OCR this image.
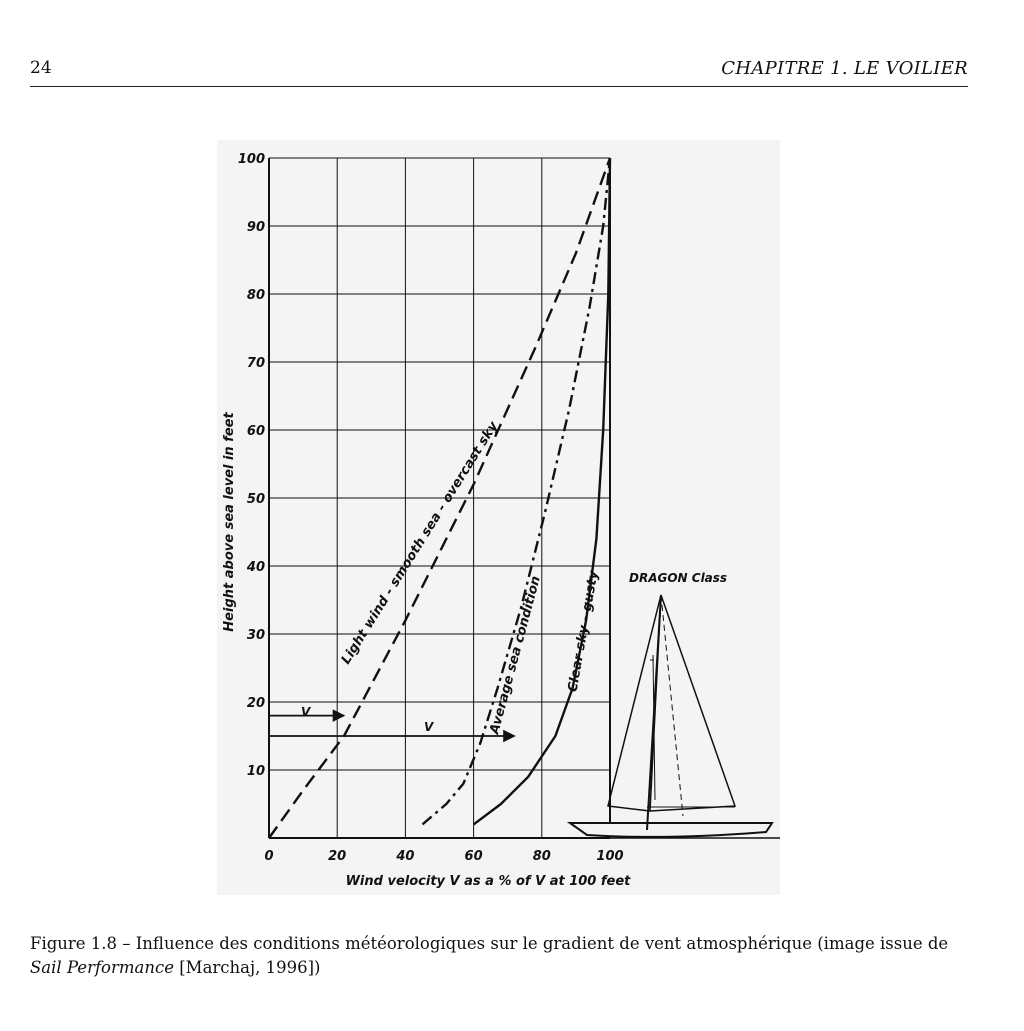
24	CHAPITRE 1. LE VOILIER
0	20	40	60	80	100
10
20
30
40
50
60
70
80
90
100
Height above sea level in feet
Wind velocity V as a % of V at 100 feet
Light wind - smooth sea - overcast sky
Average sea condition Clear sky - gusty
V
V
DRAGON Class
Figure 1.8 – Influence des conditions météorologiques sur le gradient de vent atmosphérique (image issue de
Sail Performance [Marchaj, 1996])
